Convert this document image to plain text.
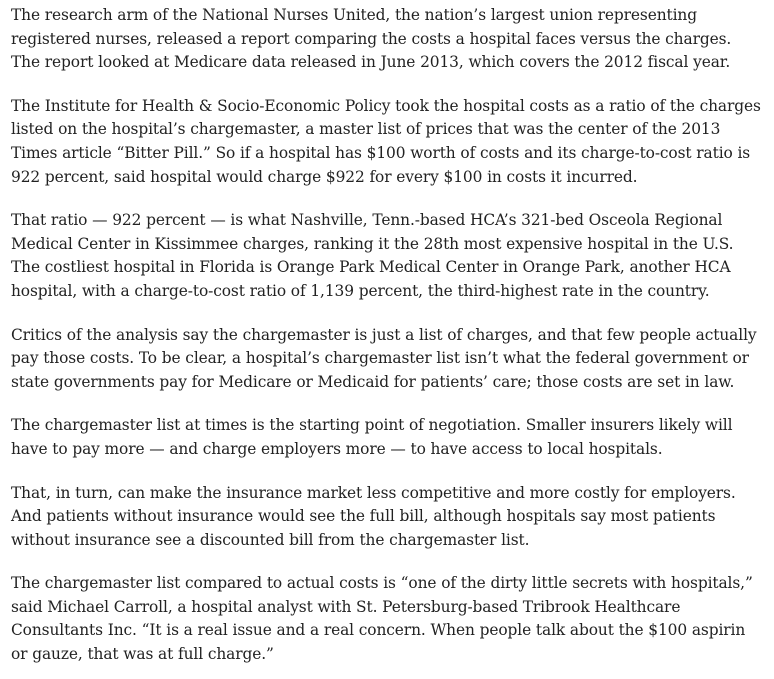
The research arm of the National Nurses United, the nation’s largest union representing registered nurses, released a report comparing the costs a hospital faces versus the charges. The report looked at Medicare data released in June 2013, which covers the 2012 fiscal year.

The Institute for Health & Socio-Economic Policy took the hospital costs as a ratio of the charges listed on the hospital’s chargemaster, a master list of prices that was the center of the 2013 Times article “Bitter Pill.” So if a hospital has $100 worth of costs and its charge-to-cost ratio is 922 percent, said hospital would charge $922 for every $100 in costs it incurred.

That ratio — 922 percent — is what Nashville, Tenn.-based HCA’s 321-bed Osceola Regional Medical Center in Kissimmee charges, ranking it the 28th most expensive hospital in the U.S. The costliest hospital in Florida is Orange Park Medical Center in Orange Park, another HCA hospital, with a charge-to-cost ratio of 1,139 percent, the third-highest rate in the country.

Critics of the analysis say the chargemaster is just a list of charges, and that few people actually pay those costs. To be clear, a hospital’s chargemaster list isn’t what the federal government or state governments pay for Medicare or Medicaid for patients’ care; those costs are set in law.

The chargemaster list at times is the starting point of negotiation. Smaller insurers likely will have to pay more — and charge employers more — to have access to local hospitals.

That, in turn, can make the insurance market less competitive and more costly for employers. And patients without insurance would see the full bill, although hospitals say most patients without insurance see a discounted bill from the chargemaster list.

The chargemaster list compared to actual costs is “one of the dirty little secrets with hospitals,” said Michael Carroll, a hospital analyst with St. Petersburg-based Tribrook Healthcare Consultants Inc. “It is a real issue and a real concern. When people talk about the $100 aspirin or gauze, that was at full charge.”
